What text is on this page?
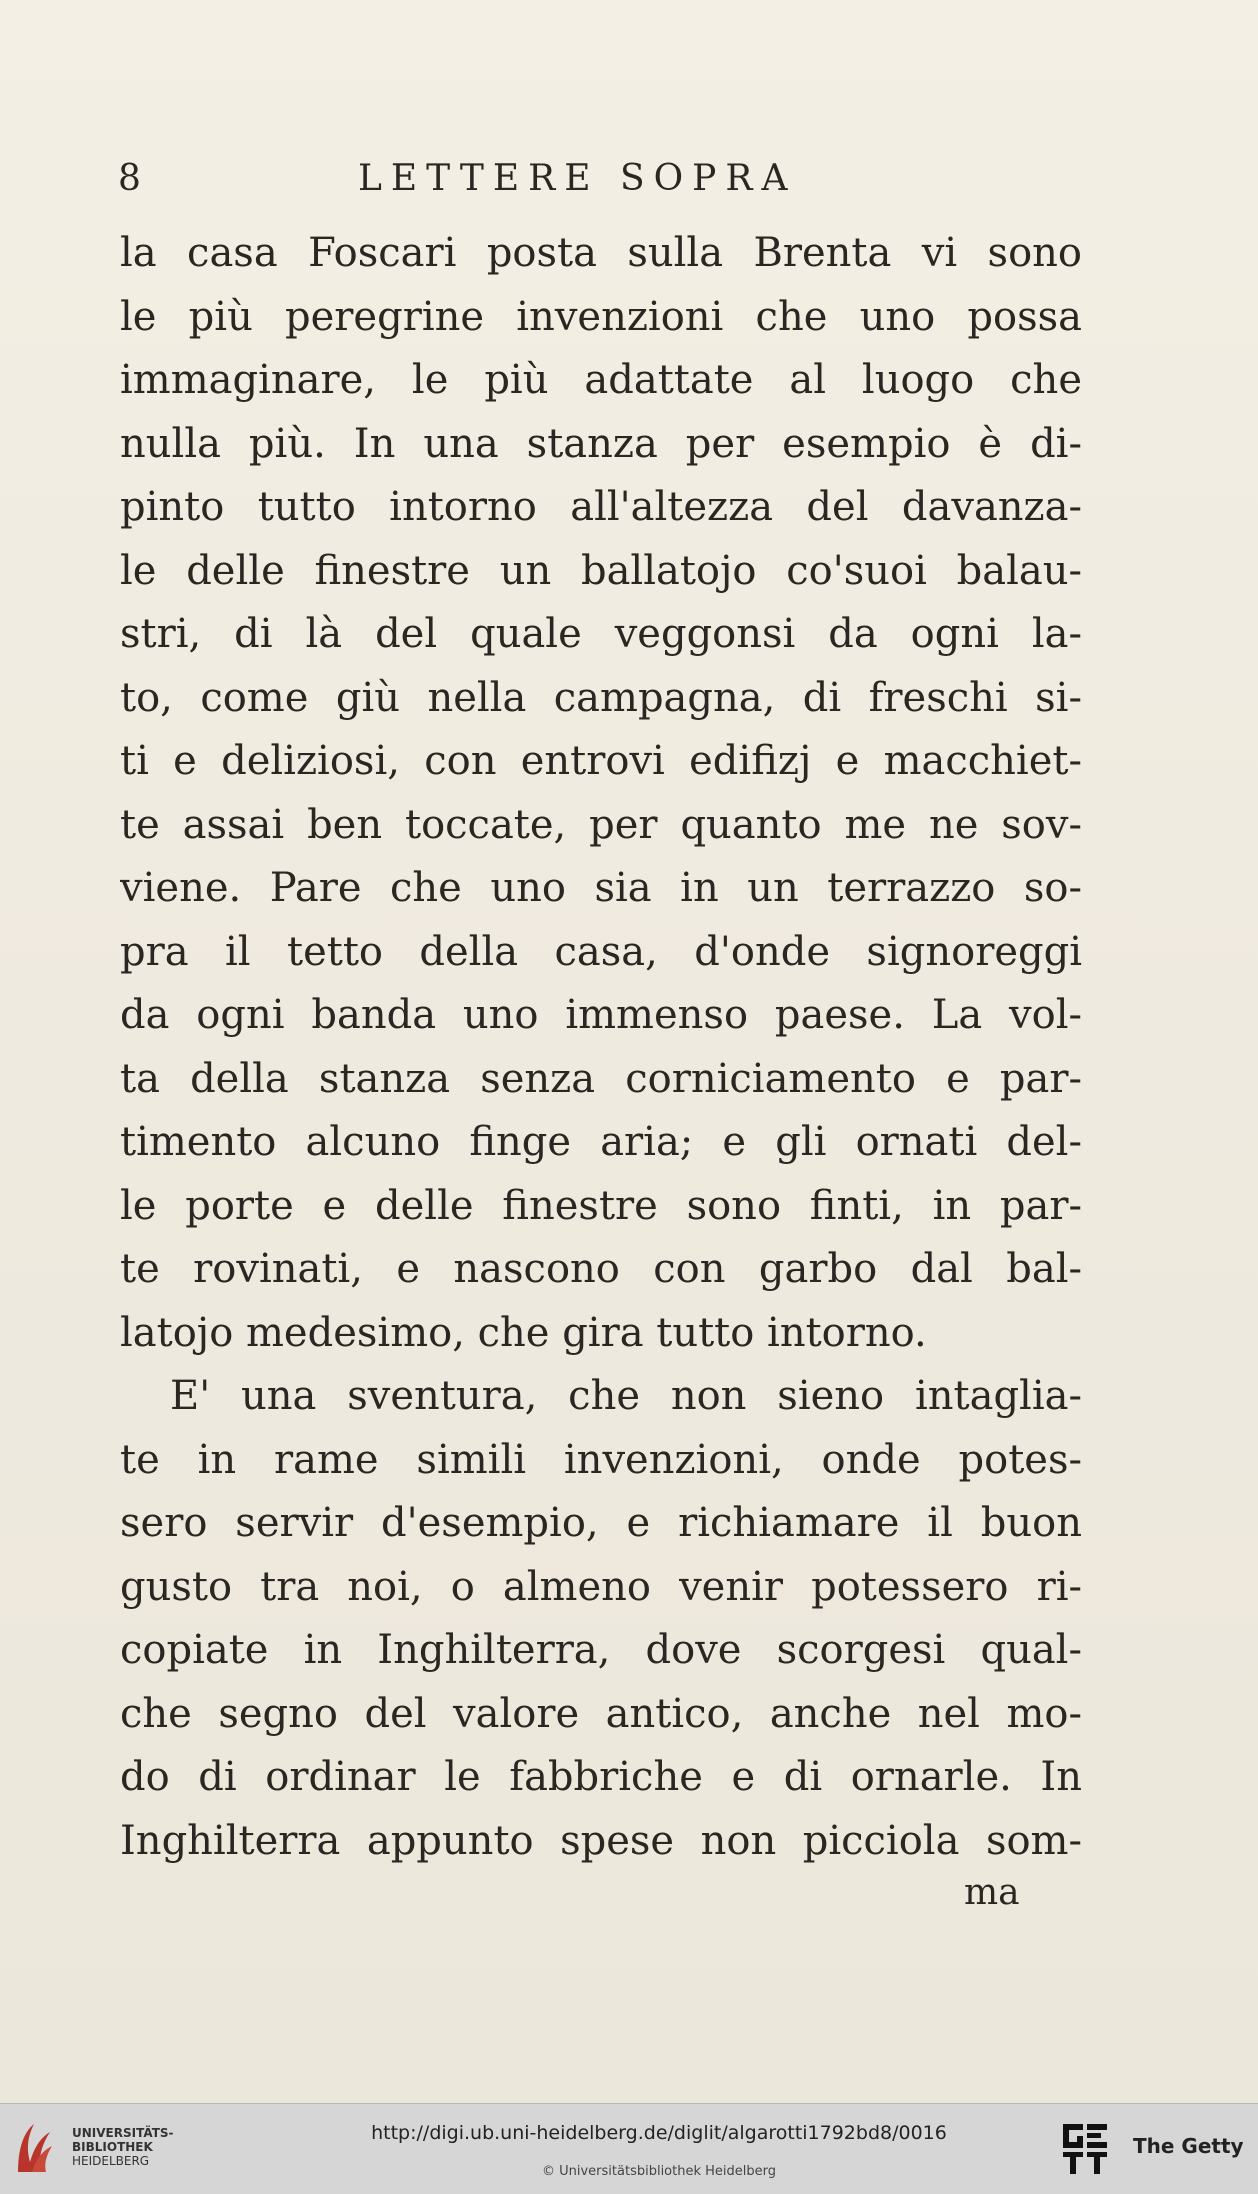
8	LETTERE SOPRA
la casa Foscari posta sulla Brenta vi sono
le più peregrine invenzioni che uno possa
immaginare, le più adattate al luogo che
nulla più. In una stanza per esempio è di-
pinto tutto intorno all'altezza del davanza-
le delle finestre un ballatojo co'suoi balau-
stri, di là del quale veggonsi da ogni la-
to, come giù nella campagna, di freschi si-
ti e deliziosi, con entrovi edifizj e macchiet-
te assai ben toccate, per quanto me ne sov-
viene. Pare che uno sia in un terrazzo so-
pra il tetto della casa, d'onde signoreggi
da ogni banda uno immenso paese. La vol-
ta della stanza senza corniciamento e par-
timento alcuno finge aria; e gli ornati del-
le porte e delle finestre sono finti, in par-
te rovinati, e nascono con garbo dal bal-
latojo medesimo, che gira tutto intorno.
E' una sventura, che non sieno intaglia-
te in rame simili invenzioni, onde potes-
sero servir d'esempio, e richiamare il buon
gusto tra noi, o almeno venir potessero ri-
copiate in Inghilterra, dove scorgesi qual-
che segno del valore antico, anche nel mo-
do di ordinar le fabbriche e di ornarle. In
Inghilterra appunto spese non picciola som-
ma
UNIVERSITÄTS-
BIBLIOTHEK
HEIDELBERG
http://digi.ub.uni-heidelberg.de/diglit/algarotti1792bd8/0016
© Universitätsbibliothek Heidelberg
The Getty
